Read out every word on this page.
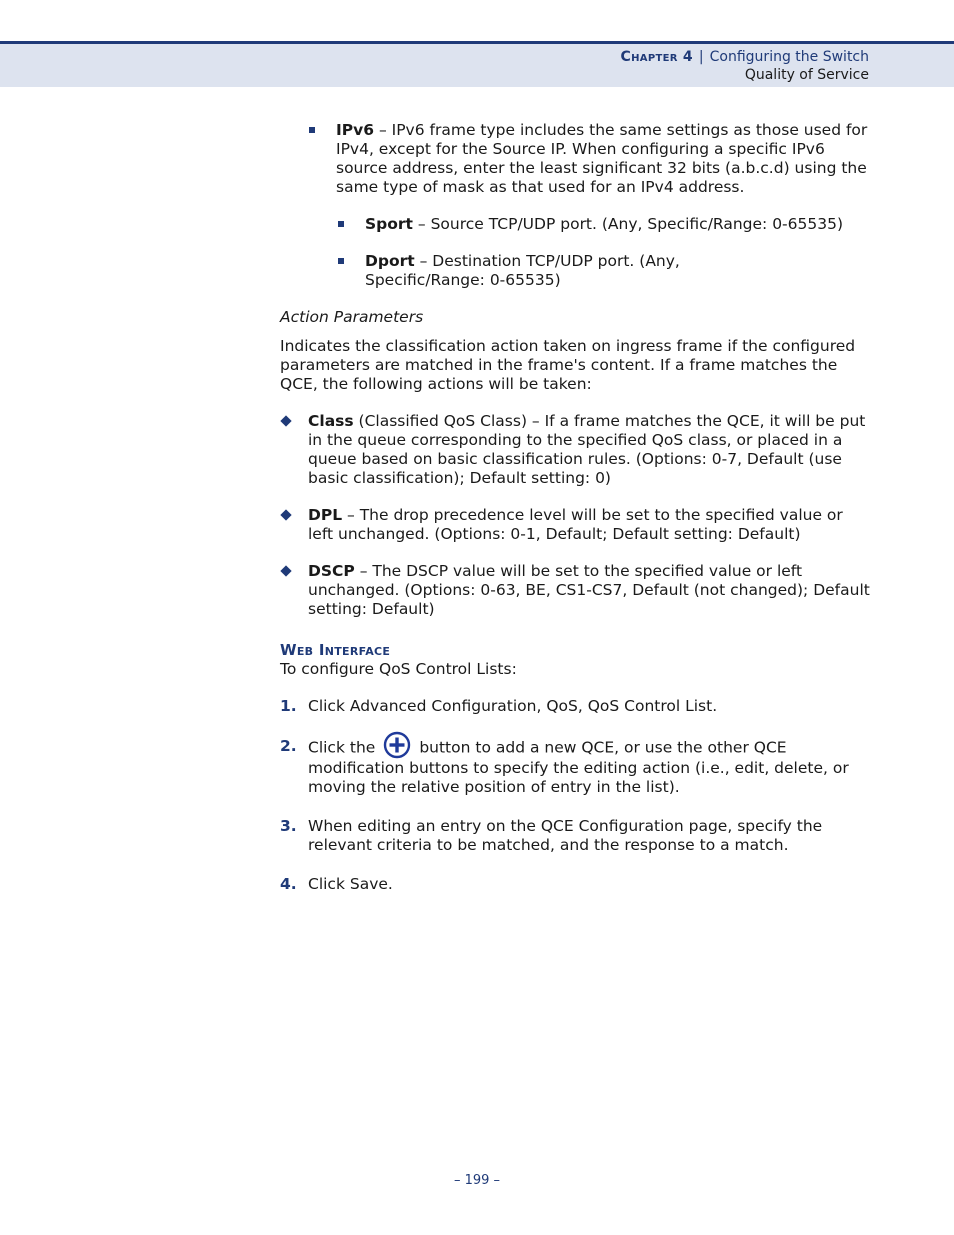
Chapter 4 | Configuring the Switch
Quality of Service

IPv6 – IPv6 frame type includes the same settings as those used for IPv4, except for the Source IP. When configuring a specific IPv6 source address, enter the least significant 32 bits (a.b.c.d) using the same type of mask as that used for an IPv4 address.

Sport – Source TCP/UDP port. (Any, Specific/Range: 0-65535)

Dport – Destination TCP/UDP port. (Any,
Specific/Range: 0-65535)

Action Parameters

Indicates the classification action taken on ingress frame if the configured parameters are matched in the frame's content. If a frame matches the QCE, the following actions will be taken:

Class (Classified QoS Class) – If a frame matches the QCE, it will be put in the queue corresponding to the specified QoS class, or placed in a queue based on basic classification rules. (Options: 0-7, Default (use basic classification); Default setting: 0)

DPL – The drop precedence level will be set to the specified value or left unchanged. (Options: 0-1, Default; Default setting: Default)

DSCP – The DSCP value will be set to the specified value or left unchanged. (Options: 0-63, BE, CS1-CS7, Default (not changed); Default setting: Default)

Web Interface

To configure QoS Control Lists:

1. Click Advanced Configuration, QoS, QoS Control List.

2. Click the	button to add a new QCE, or use the other QCE modification buttons to specify the editing action (i.e., edit, delete, or moving the relative position of entry in the list).

3. When editing an entry on the QCE Configuration page, specify the relevant criteria to be matched, and the response to a match.

4. Click Save.

– 199 –
